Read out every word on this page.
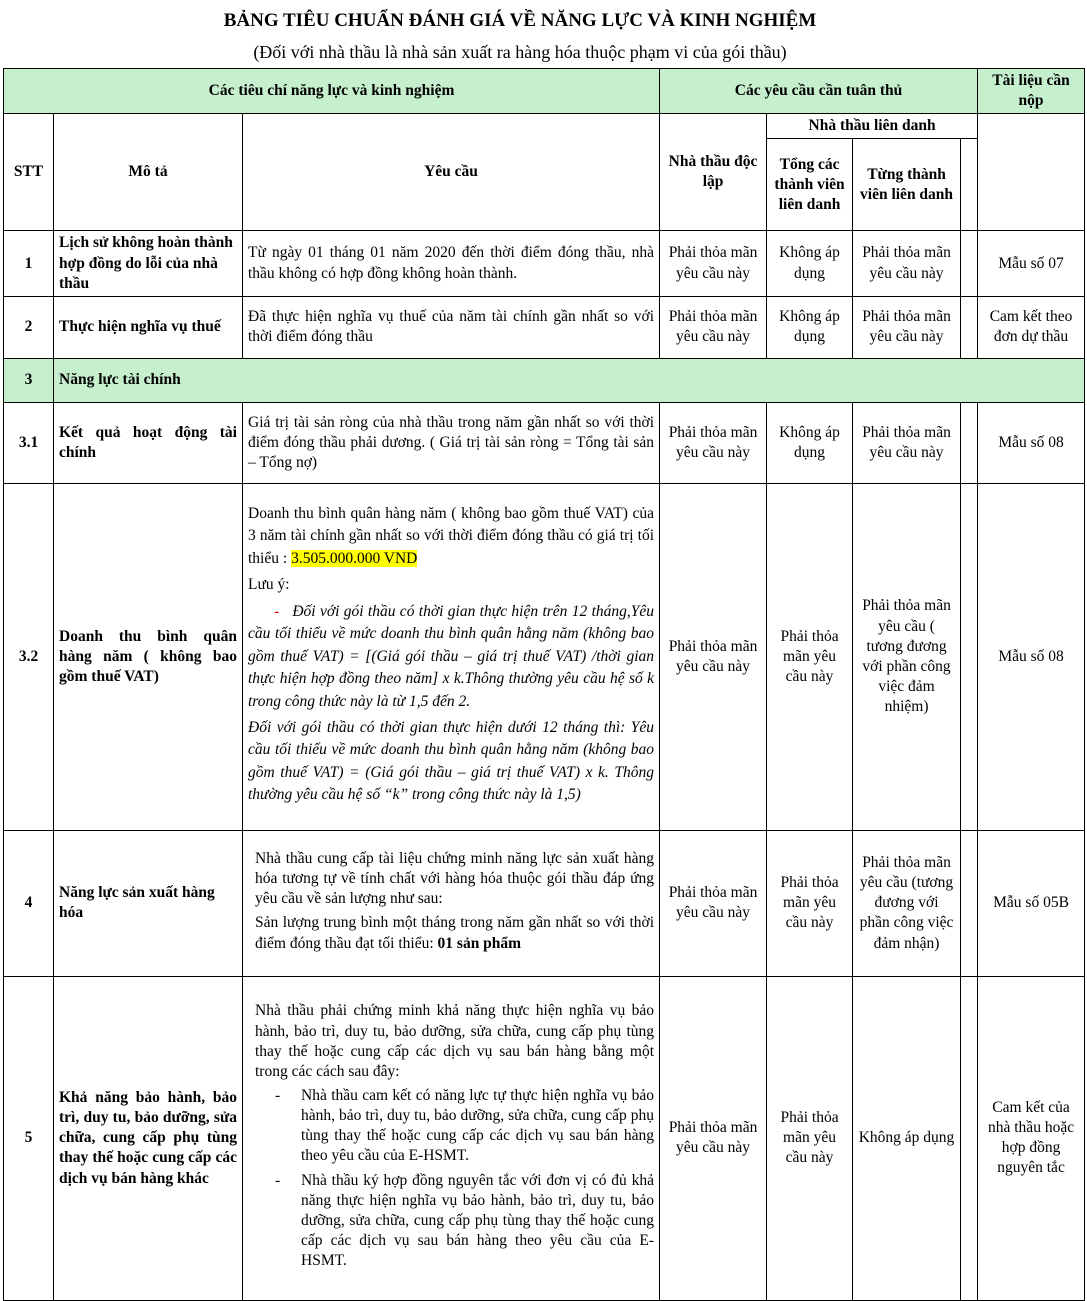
BẢNG TIÊU CHUẨN ĐÁNH GIÁ VỀ NĂNG LỰC VÀ KINH NGHIỆM
(Đối với nhà thầu là nhà sản xuất ra hàng hóa thuộc phạm vi của gói thầu)
Các tiêu chí năng lực và kinh nghiệm			Các yêu cầu cần tuân thủ				Tài liệu cần nộp
STT	Mô tả	Yêu cầu	Nhà thầu độc lập	Nhà thầu liên danh			
				Tổng các thành viên liên danh	Từng thành viên liên danh		
1	Lịch sử không hoàn thành hợp đồng do lỗi của nhà thầu	Từ ngày 01 tháng 01 năm 2020 đến thời điểm đóng thầu, nhà thầu không có hợp đồng không hoàn thành.	Phải thỏa mãn yêu cầu này	Không áp dụng	Phải thỏa mãn yêu cầu này		Mẫu số 07
2	Thực hiện nghĩa vụ thuế	Đã thực hiện nghĩa vụ thuế của năm tài chính gần nhất so với thời điểm đóng thầu	Phải thỏa mãn yêu cầu này	Không áp dụng	Phải thỏa mãn yêu cầu này		Cam kết theo đơn dự thầu
3	Năng lực tài chính						
3.1	Kết quả hoạt động tài chính	Giá trị tài sản ròng của nhà thầu trong năm gần nhất so với thời điểm đóng thầu phải dương. ( Giá trị tài sản ròng = Tổng tài sản – Tổng nợ)	Phải thỏa mãn yêu cầu này	Không áp dụng	Phải thỏa mãn yêu cầu này		Mẫu số 08
3.2	Doanh thu bình quân hàng năm ( không bao gồm thuế VAT)	Doanh thu bình quân hàng năm ( không bao gồm thuế VAT) của 3 năm tài chính gần nhất so với thời điểm đóng thầu có giá trị tối thiểu : 3.505.000.000 VND
Lưu ý:
- Đối với gói thầu có thời gian thực hiện trên 12 tháng,Yêu cầu tối thiểu về mức doanh thu bình quân hằng năm (không bao gồm thuế VAT) = [(Giá gói thầu – giá trị thuế VAT) /thời gian thực hiện hợp đồng theo năm] x k.Thông thường yêu cầu hệ số k trong công thức này là từ 1,5 đến 2.
Đối với gói thầu có thời gian thực hiện dưới 12 tháng thì: Yêu cầu tối thiểu về mức doanh thu bình quân hằng năm (không bao gồm thuế VAT) = (Giá gói thầu – giá trị thuế VAT) x k. Thông thường yêu cầu hệ số “k” trong công thức này là 1,5)	Phải thỏa mãn yêu cầu này	Phải thỏa mãn yêu cầu này	Phải thỏa mãn yêu cầu ( tương đương với phần công việc đảm nhiệm)		Mẫu số 08
4	Năng lực sản xuất hàng hóa	Nhà thầu cung cấp tài liệu chứng minh năng lực sản xuất hàng hóa tương tự về tính chất với hàng hóa thuộc gói thầu đáp ứng yêu cầu về sản lượng như sau:
Sản lượng trung bình một tháng trong năm gần nhất so với thời điểm đóng thầu đạt tối thiểu: 01 sản phẩm	Phải thỏa mãn yêu cầu này	Phải thỏa mãn yêu cầu này	Phải thỏa mãn yêu cầu (tương đương với phần công việc đảm nhận)		Mẫu số 05B
5	Khả năng bảo hành, bảo trì, duy tu, bảo dưỡng, sửa chữa, cung cấp phụ tùng thay thế hoặc cung cấp các dịch vụ bán hàng khác	Nhà thầu phải chứng minh khả năng thực hiện nghĩa vụ bảo hành, bảo trì, duy tu, bảo dưỡng, sửa chữa, cung cấp phụ tùng thay thế hoặc cung cấp các dịch vụ sau bán hàng bằng một trong các cách sau đây:
- Nhà thầu cam kết có năng lực tự thực hiện nghĩa vụ bảo hành, bảo trì, duy tu, bảo dưỡng, sửa chữa, cung cấp phụ tùng thay thế hoặc cung cấp các dịch vụ sau bán hàng theo yêu cầu của E-HSMT.
- Nhà thầu ký hợp đồng nguyên tắc với đơn vị có đủ khả năng thực hiện nghĩa vụ bảo hành, bảo trì, duy tu, bảo dưỡng, sửa chữa, cung cấp phụ tùng thay thế hoặc cung cấp các dịch vụ sau bán hàng theo yêu cầu của E- HSMT.	Phải thỏa mãn yêu cầu này	Phải thỏa mãn yêu cầu này	Không áp dụng		Cam kết của nhà thầu hoặc hợp đồng nguyên tắc
